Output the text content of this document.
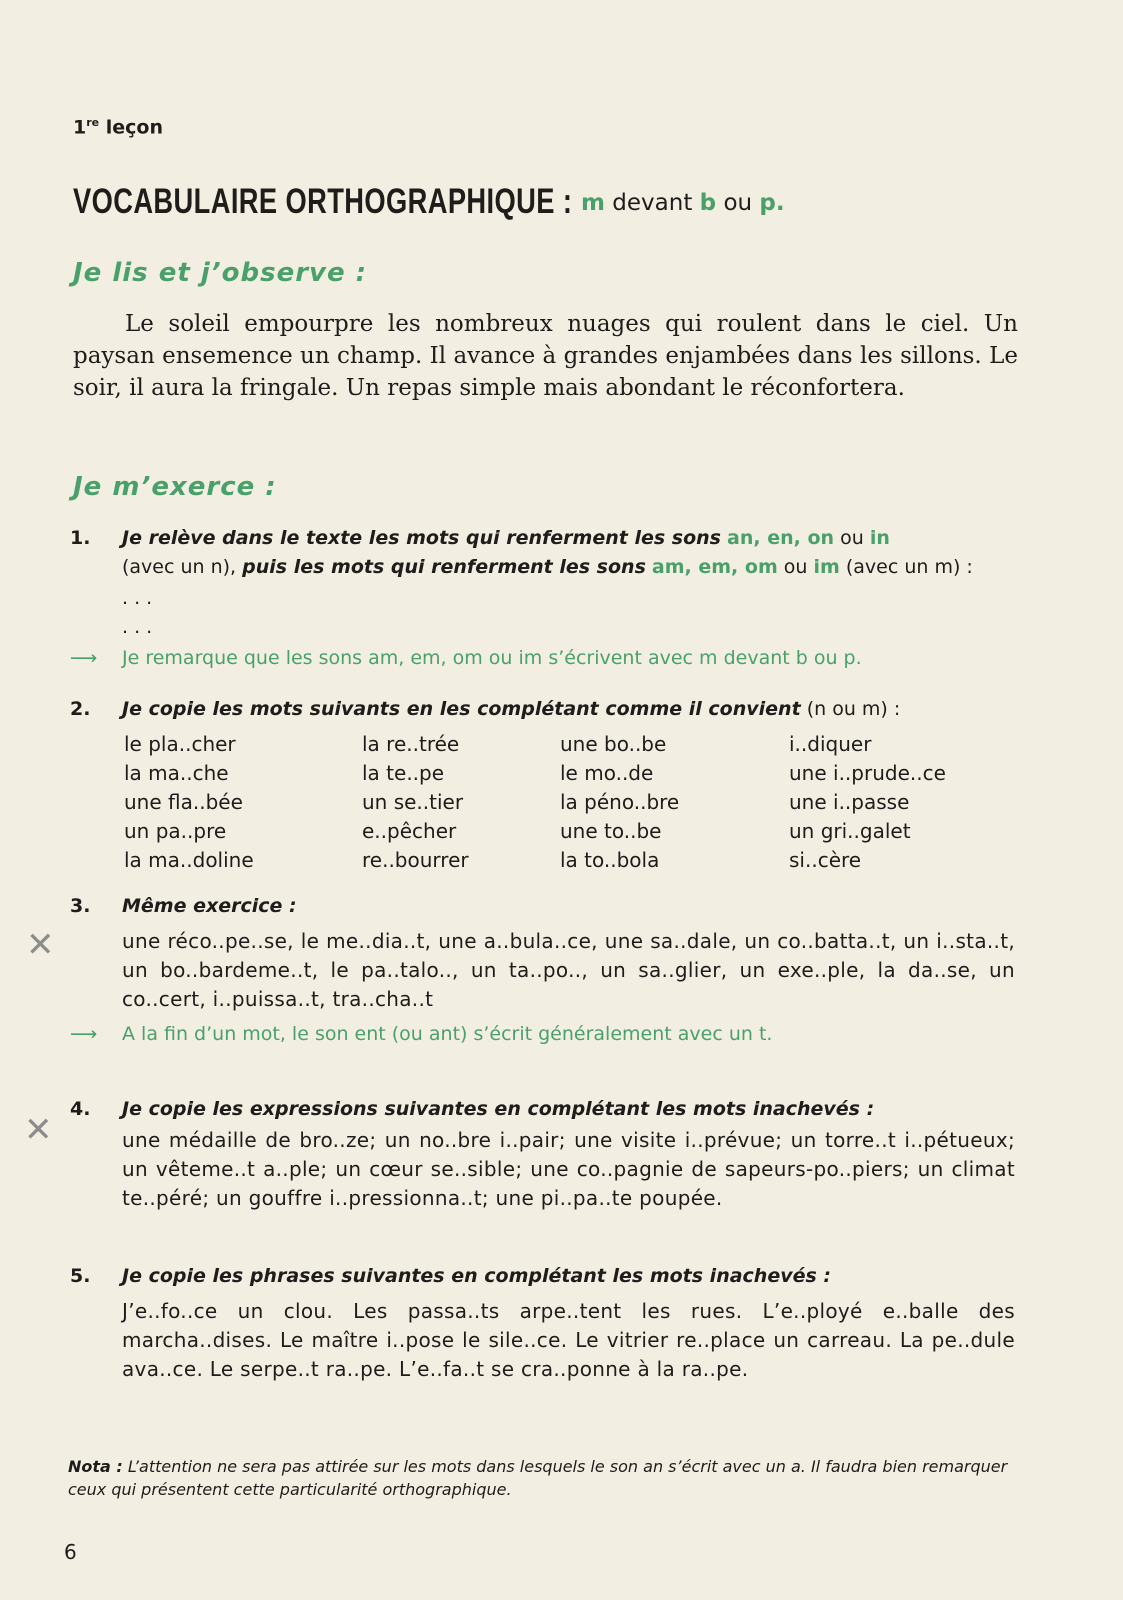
1re leçon
VOCABULAIRE ORTHOGRAPHIQUE : m devant b ou p.
Je lis et j’observe :

Le soleil empourpre les nombreux nuages qui roulent dans le ciel. Un paysan ensemence un champ. Il avance à grandes enjambées dans les sillons. Le soir, il aura la fringale. Un repas simple mais abondant le réconfortera.

Je m’exerce :
1. Je relève dans le texte les mots qui renferment les sons an, en, on ou in
(avec un n), puis les mots qui renferment les sons am, em, om ou im (avec un m) :
. . .
. . .
⟶ Je remarque que les sons am, em, om ou im s’écrivent avec m devant b ou p.
2. Je copie les mots suivants en les complétant comme il convient (n ou m) :
le pla..cher
la ma..che
une fla..bée
un pa..pre
la ma..doline
la re..trée
la te..pe
un se..tier
e..pêcher
re..bourrer
une bo..be
le mo..de
la péno..bre
une to..be
la to..bola
i..diquer
une i..prude..ce
une i..passe
un gri..galet
si..cère
3. Même exercice :
une réco..pe..se, le me..dia..t, une a..bula..ce, une sa..dale, un co..batta..t, un i..sta..t, un bo..bardeme..t, le pa..talo.., un ta..po.., un sa..glier, un exe..ple, la da..se, un co..cert, i..puissa..t, tra..cha..t
⟶ A la fin d’un mot, le son ent (ou ant) s’écrit généralement avec un t.
4. Je copie les expressions suivantes en complétant les mots inachevés :
une médaille de bro..ze; un no..bre i..pair; une visite i..prévue; un torre..t i..pétueux; un vêteme..t a..ple; un cœur se..sible; une co..pagnie de sapeurs-po..piers; un climat te..péré; un gouffre i..pressionna..t; une pi..pa..te poupée.
5. Je copie les phrases suivantes en complétant les mots inachevés :
J’e..fo..ce un clou. Les passa..ts arpe..tent les rues. L’e..ployé e..balle des marcha..dises. Le maître i..pose le sile..ce. Le vitrier re..place un carreau. La pe..dule ava..ce. Le serpe..t ra..pe. L’e..fa..t se cra..ponne à la ra..pe.
Nota : L’attention ne sera pas attirée sur les mots dans lesquels le son an s’écrit avec un a. Il faudra bien remarquer ceux qui présentent cette particularité orthographique.
6
✕
✕
